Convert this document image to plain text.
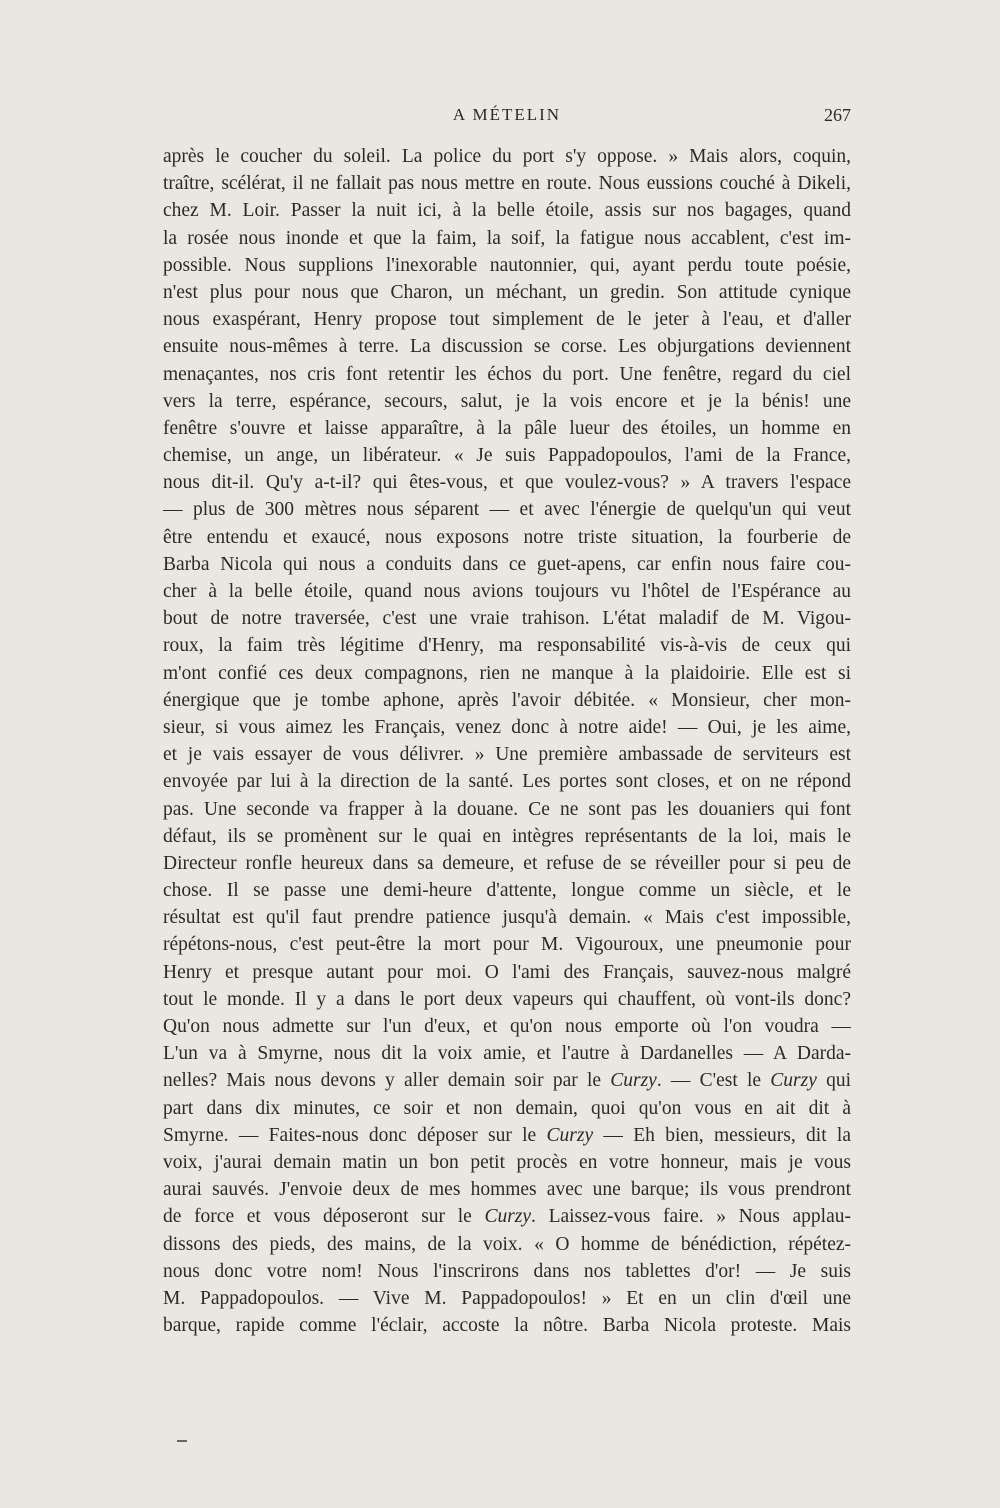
A MÉTELIN	267
après le coucher du soleil. La police du port s'y oppose. » Mais alors, coquin,
traître, scélérat, il ne fallait pas nous mettre en route. Nous eussions couché à Dikeli,
chez M. Loir. Passer la nuit ici, à la belle étoile, assis sur nos bagages, quand
la rosée nous inonde et que la faim, la soif, la fatigue nous accablent, c'est im-
possible. Nous supplions l'inexorable nautonnier, qui, ayant perdu toute poésie,
n'est plus pour nous que Charon, un méchant, un gredin. Son attitude cynique
nous exaspérant, Henry propose tout simplement de le jeter à l'eau, et d'aller
ensuite nous-mêmes à terre. La discussion se corse. Les objurgations deviennent
menaçantes, nos cris font retentir les échos du port. Une fenêtre, regard du ciel
vers la terre, espérance, secours, salut, je la vois encore et je la bénis! une
fenêtre s'ouvre et laisse apparaître, à la pâle lueur des étoiles, un homme en
chemise, un ange, un libérateur. « Je suis Pappadopoulos, l'ami de la France,
nous dit-il. Qu'y a-t-il? qui êtes-vous, et que voulez-vous? » A travers l'espace
— plus de 300 mètres nous séparent — et avec l'énergie de quelqu'un qui veut
être entendu et exaucé, nous exposons notre triste situation, la fourberie de
Barba Nicola qui nous a conduits dans ce guet-apens, car enfin nous faire cou-
cher à la belle étoile, quand nous avions toujours vu l'hôtel de l'Espérance au
bout de notre traversée, c'est une vraie trahison. L'état maladif de M. Vigou-
roux, la faim très légitime d'Henry, ma responsabilité vis-à-vis de ceux qui
m'ont confié ces deux compagnons, rien ne manque à la plaidoirie. Elle est si
énergique que je tombe aphone, après l'avoir débitée. « Monsieur, cher mon-
sieur, si vous aimez les Français, venez donc à notre aide! — Oui, je les aime,
et je vais essayer de vous délivrer. » Une première ambassade de serviteurs est
envoyée par lui à la direction de la santé. Les portes sont closes, et on ne répond
pas. Une seconde va frapper à la douane. Ce ne sont pas les douaniers qui font
défaut, ils se promènent sur le quai en intègres représentants de la loi, mais le
Directeur ronfle heureux dans sa demeure, et refuse de se réveiller pour si peu de
chose. Il se passe une demi-heure d'attente, longue comme un siècle, et le
résultat est qu'il faut prendre patience jusqu'à demain. « Mais c'est impossible,
répétons-nous, c'est peut-être la mort pour M. Vigouroux, une pneumonie pour
Henry et presque autant pour moi. O l'ami des Français, sauvez-nous malgré
tout le monde. Il y a dans le port deux vapeurs qui chauffent, où vont-ils donc?
Qu'on nous admette sur l'un d'eux, et qu'on nous emporte où l'on voudra —
L'un va à Smyrne, nous dit la voix amie, et l'autre à Dardanelles — A Darda-
nelles? Mais nous devons y aller demain soir par le Curzy. — C'est le Curzy qui
part dans dix minutes, ce soir et non demain, quoi qu'on vous en ait dit à
Smyrne. — Faites-nous donc déposer sur le Curzy — Eh bien, messieurs, dit la
voix, j'aurai demain matin un bon petit procès en votre honneur, mais je vous
aurai sauvés. J'envoie deux de mes hommes avec une barque; ils vous prendront
de force et vous déposeront sur le Curzy. Laissez-vous faire. » Nous applau-
dissons des pieds, des mains, de la voix. « O homme de bénédiction, répétez-
nous donc votre nom! Nous l'inscrirons dans nos tablettes d'or! — Je suis
M. Pappadopoulos. — Vive M. Pappadopoulos! » Et en un clin d'œil une
barque, rapide comme l'éclair, accoste la nôtre. Barba Nicola proteste. Mais
